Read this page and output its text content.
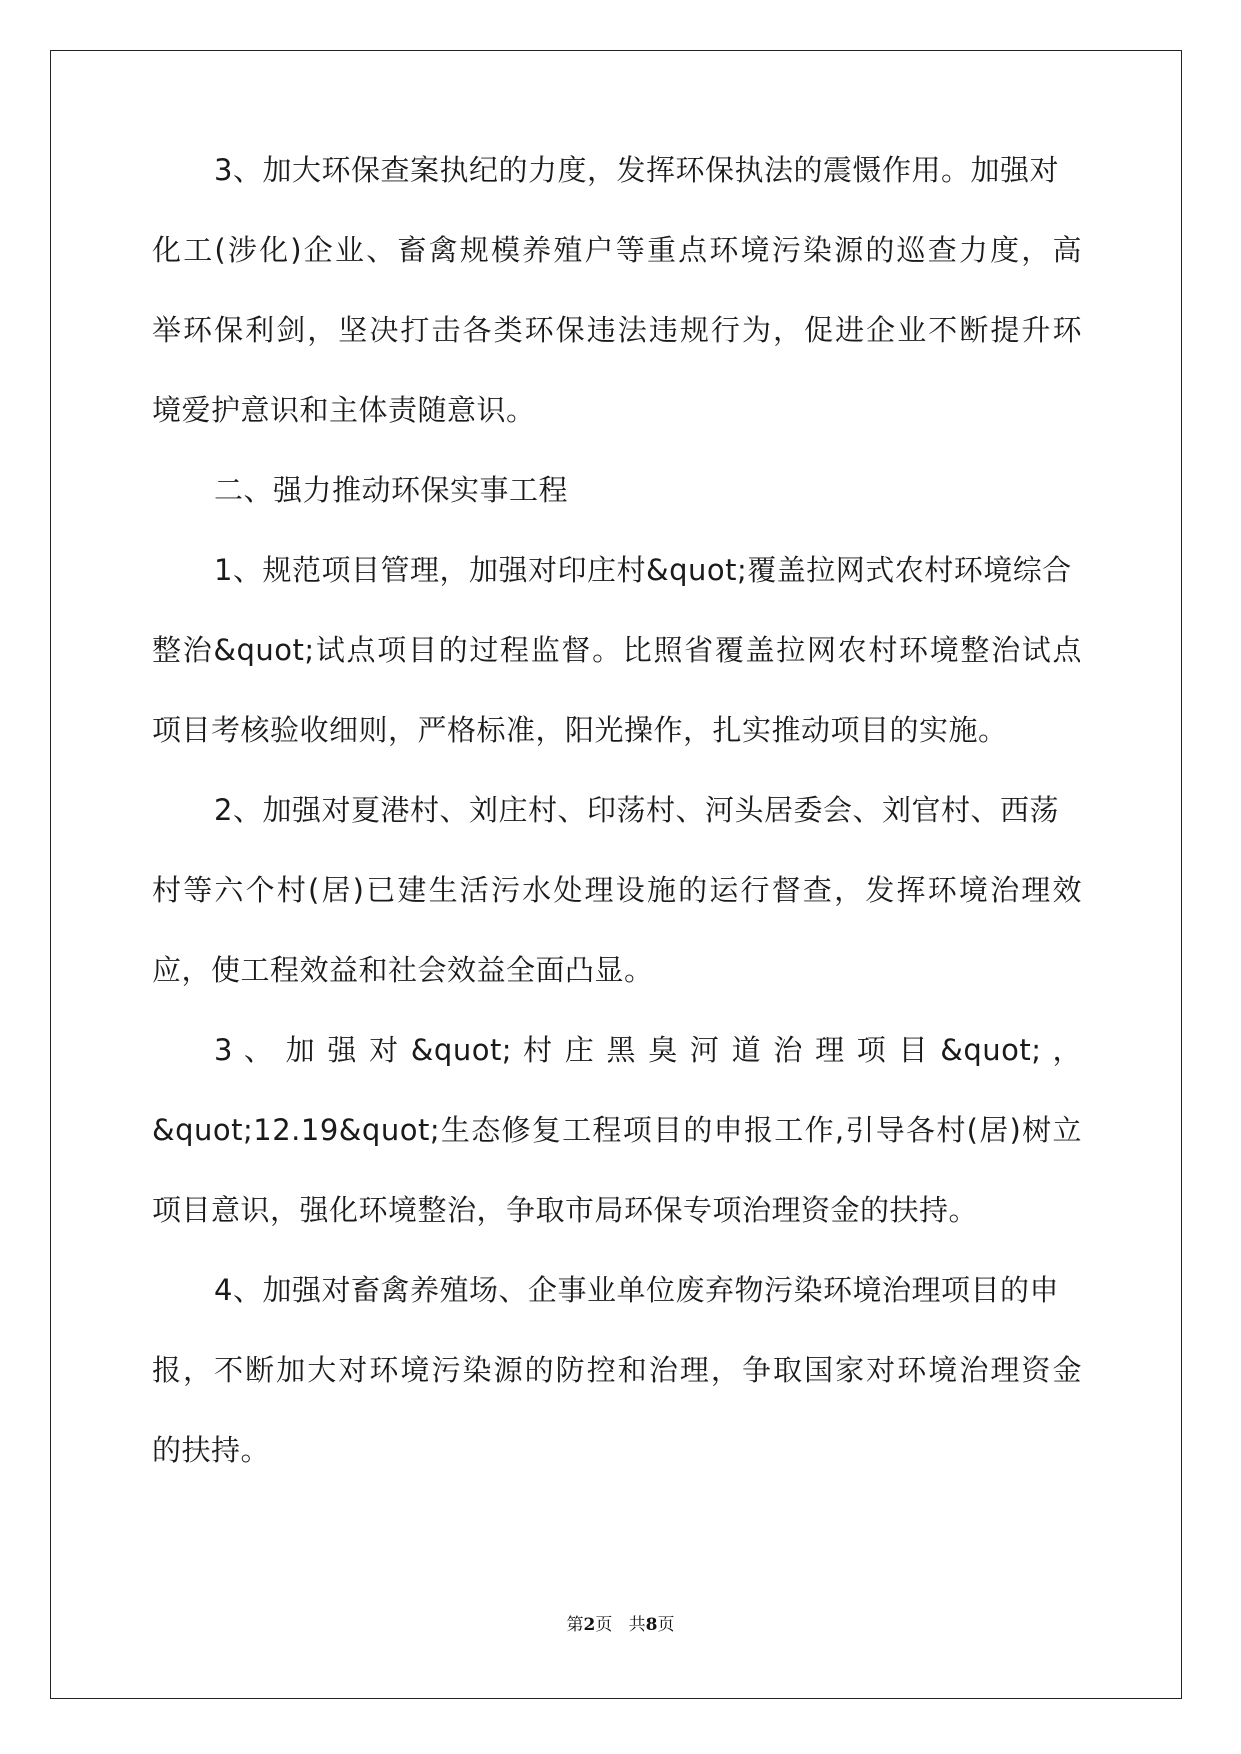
3、加大环保查案执纪的力度，发挥环保执法的震慑作用。加强对
化工(涉化)企业、畜禽规模养殖户等重点环境污染源的巡查力度，高
举环保利剑，坚决打击各类环保违法违规行为，促进企业不断提升环
境爱护意识和主体责随意识。
二、强力推动环保实事工程
1、规范项目管理，加强对印庄村&quot;覆盖拉网式农村环境综合
整治&quot;试点项目的过程监督。比照省覆盖拉网农村环境整治试点
项目考核验收细则，严格标准，阳光操作，扎实推动项目的实施。
2、加强对夏港村、刘庄村、印荡村、河头居委会、刘官村、西荡
村等六个村(居)已建生活污水处理设施的运行督查，发挥环境治理效
应，使工程效益和社会效益全面凸显。
3 、 加 强 对 &quot; 村 庄 黑 臭 河 道 治 理 项 目 &quot; ，
&quot;12.19&quot;生态修复工程项目的申报工作,引导各村(居)树立
项目意识，强化环境整治，争取市局环保专项治理资金的扶持。
4、加强对畜禽养殖场、企事业单位废弃物污染环境治理项目的申
报，不断加大对环境污染源的防控和治理，争取国家对环境治理资金
的扶持。
第2页 共8页
